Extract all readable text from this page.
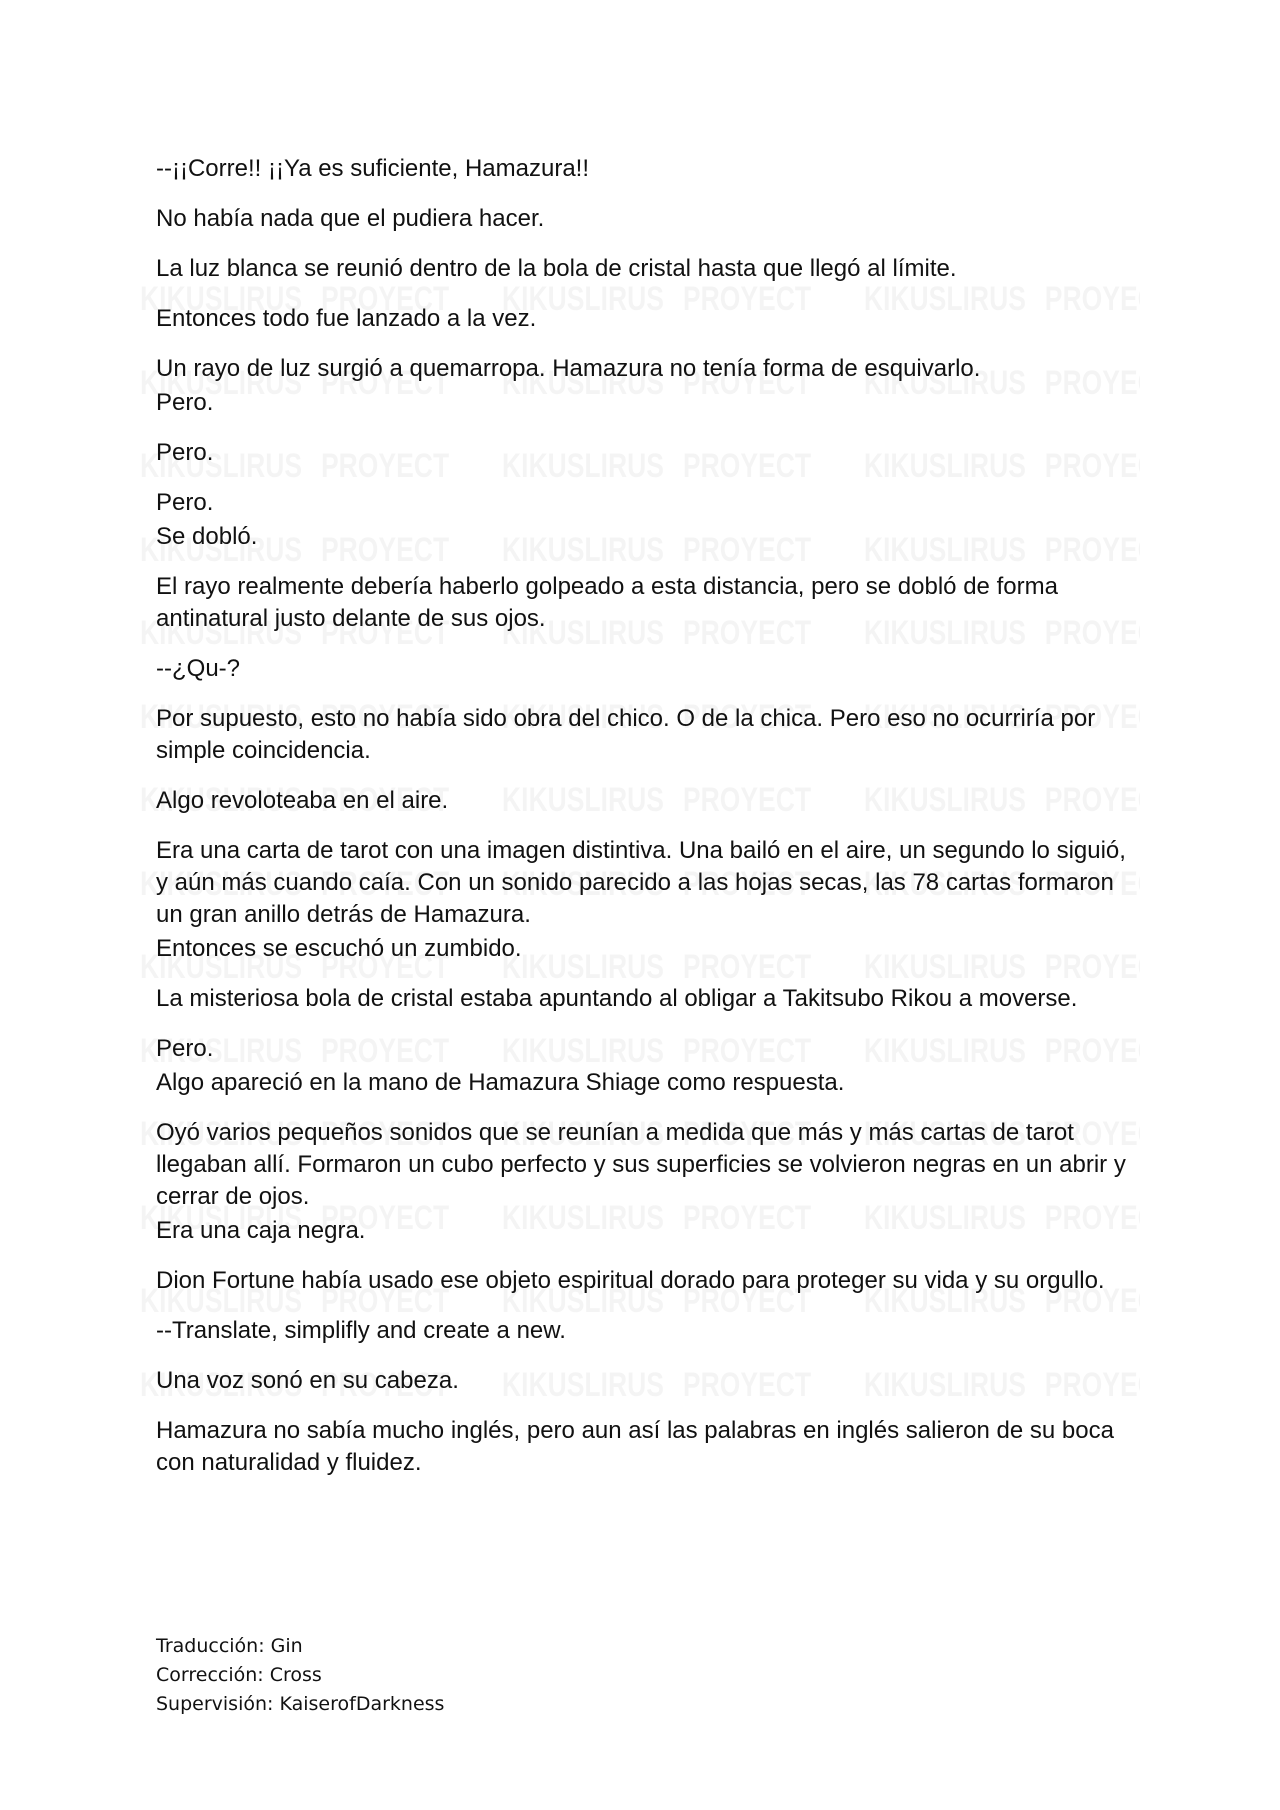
--¡¡Corre!! ¡¡Ya es suficiente, Hamazura!!

No había nada que el pudiera hacer.

La luz blanca se reunió dentro de la bola de cristal hasta que llegó al límite.

Entonces todo fue lanzado a la vez.

Un rayo de luz surgió a quemarropa. Hamazura no tenía forma de esquivarlo.

Pero.

Pero.

Pero.

Se dobló.

El rayo realmente debería haberlo golpeado a esta distancia, pero se dobló de forma antinatural justo delante de sus ojos.

--¿Qu-?

Por supuesto, esto no había sido obra del chico. O de la chica. Pero eso no ocurriría por simple coincidencia.

Algo revoloteaba en el aire.

Era una carta de tarot con una imagen distintiva. Una bailó en el aire, un segundo lo siguió, y aún más cuando caía. Con un sonido parecido a las hojas secas, las 78 cartas formaron un gran anillo detrás de Hamazura.

Entonces se escuchó un zumbido.

La misteriosa bola de cristal estaba apuntando al obligar a Takitsubo Rikou a moverse.

Pero.

Algo apareció en la mano de Hamazura Shiage como respuesta.

Oyó varios pequeños sonidos que se reunían a medida que más y más cartas de tarot llegaban allí. Formaron un cubo perfecto y sus superficies se volvieron negras en un abrir y cerrar de ojos.

Era una caja negra.

Dion Fortune había usado ese objeto espiritual dorado para proteger su vida y su orgullo.

--Translate, simplifly and create a new.

Una voz sonó en su cabeza.

Hamazura no sabía mucho inglés, pero aun así las palabras en inglés salieron de su boca con naturalidad y fluidez.

Traducción: Gin
Corrección: Cross
Supervisión: KaiserofDarkness
